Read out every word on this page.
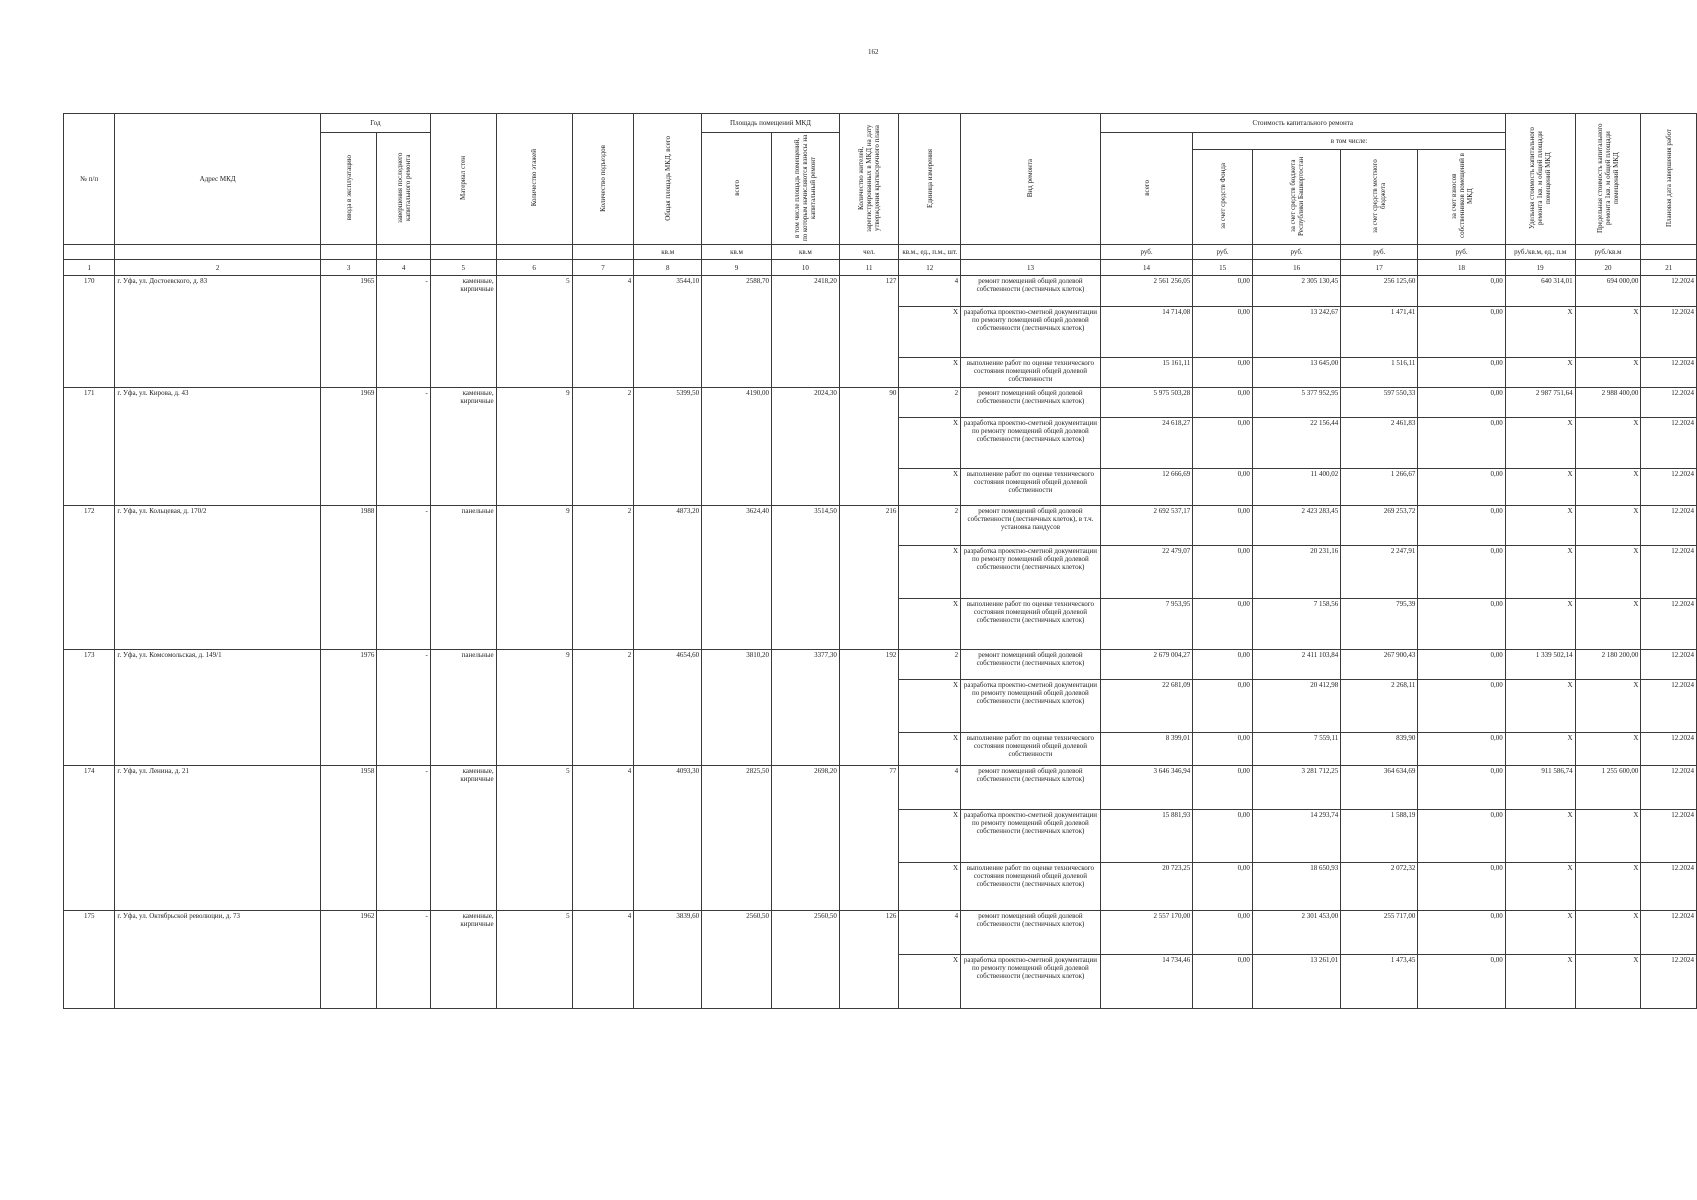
162
№ п/п	Адрес МКД	Год		Материал стен	Количество этажей	Количество подъездов	Общая площадь МКД, всего	Площадь помещений МКД		Количество жителей, зарегистрированных в МКД на дату утверждения краткосрочного плана	Единица измерения	Вид ремонта	Стоимость капитального ремонта					Удельная стоимость капитального ремонта 1кв. м общей площади помещений МКД	Предельная стоимость капитального ремонта 1кв. м общей площади помещений МКД	Плановая дата завершения работ
		ввода в эксплуатацию	завершения последнего капитального ремонта					всего	в том числе площадь помещений, по которым начисляются взносы на капитальный ремонт				всего	в том числе:						
														за счет средств Фонда	за счет средств бюджета Республики Башкортостан	за счет средств местного бюджета	за счет взносов собственников помещений в МКД			
							кв.м	кв.м	кв.м	чел.	кв.м., ед., п.м., шт.		руб.	руб.	руб.	руб.	руб.	руб./кв.м, ед., п.м	руб./кв.м	
1	2	3	4	5	6	7	8	9	10	11	12	13	14	15	16	17	18	19	20	21
170	г. Уфа, ул. Достоевского, д. 83	1965	-	каменные, кирпичные	5	4	3544,10	2588,70	2418,20	127	4	ремонт помещений общей долевой собственности (лестничных клеток)	2 561 256,05	0,00	2 305 130,45	256 125,60	0,00	640 314,01	694 000,00	12.2024
											X	разработка проектно-сметной документации по ремонту помещений общей долевой собственности (лестничных клеток)	14 714,08	0,00	13 242,67	1 471,41	0,00	X	X	12.2024
											X	выполнение работ по оценке технического состояния помещений общей долевой собственности	15 161,11	0,00	13 645,00	1 516,11	0,00	X	X	12.2024
171	г. Уфа, ул. Кирова, д. 43	1969	-	каменные, кирпичные	9	2	5399,50	4190,00	2024,30	90	2	ремонт помещений общей долевой собственности (лестничных клеток)	5 975 503,28	0,00	5 377 952,95	597 550,33	0,00	2 987 751,64	2 988 400,00	12.2024
											X	разработка проектно-сметной документации по ремонту помещений общей долевой собственности (лестничных клеток)	24 618,27	0,00	22 156,44	2 461,83	0,00	X	X	12.2024
											X	выполнение работ по оценке технического состояния помещений общей долевой собственности	12 666,69	0,00	11 400,02	1 266,67	0,00	X	X	12.2024
172	г. Уфа, ул. Кольцевая, д. 170/2	1988	-	панельные	9	2	4873,20	3624,40	3514,50	216	2	ремонт помещений общей долевой собственности (лестничных клеток), в т.ч. установка пандусов	2 692 537,17	0,00	2 423 283,45	269 253,72	0,00	X	X	12.2024
											X	разработка проектно-сметной документации по ремонту помещений общей долевой собственности (лестничных клеток)	22 479,07	0,00	20 231,16	2 247,91	0,00	X	X	12.2024
											X	выполнение работ по оценке технического состояния помещений общей долевой собственности (лестничных клеток)	7 953,95	0,00	7 158,56	795,39	0,00	X	X	12.2024
173	г. Уфа, ул. Комсомольская, д. 149/1	1976	-	панельные	9	2	4654,60	3810,20	3377,30	192	2	ремонт помещений общей долевой собственности (лестничных клеток)	2 679 004,27	0,00	2 411 103,84	267 900,43	0,00	1 339 502,14	2 180 200,00	12.2024
											X	разработка проектно-сметной документации по ремонту помещений общей долевой собственности (лестничных клеток)	22 681,09	0,00	20 412,98	2 268,11	0,00	X	X	12.2024
											X	выполнение работ по оценке технического состояния помещений общей долевой собственности	8 399,01	0,00	7 559,11	839,90	0,00	X	X	12.2024
174	г. Уфа, ул. Ленина, д. 21	1958	-	каменные, кирпичные	5	4	4093,30	2825,50	2698,20	77	4	ремонт помещений общей долевой собственности (лестничных клеток)	3 646 346,94	0,00	3 281 712,25	364 634,69	0,00	911 586,74	1 255 600,00	12.2024
											X	разработка проектно-сметной документации по ремонту помещений общей долевой собственности (лестничных клеток)	15 881,93	0,00	14 293,74	1 588,19	0,00	X	X	12.2024
											X	выполнение работ по оценке технического состояния помещений общей долевой собственности (лестничных клеток)	20 723,25	0,00	18 650,93	2 072,32	0,00	X	X	12.2024
175	г. Уфа, ул. Октябрьской революции, д. 73	1962	-	каменные, кирпичные	5	4	3839,60	2560,50	2560,50	126	4	ремонт помещений общей долевой собственности (лестничных клеток)	2 557 170,00	0,00	2 301 453,00	255 717,00	0,00	X	X	12.2024
											X	разработка проектно-сметной документации по ремонту помещений общей долевой собственности (лестничных клеток)	14 734,46	0,00	13 261,01	1 473,45	0,00	X	X	12.2024
